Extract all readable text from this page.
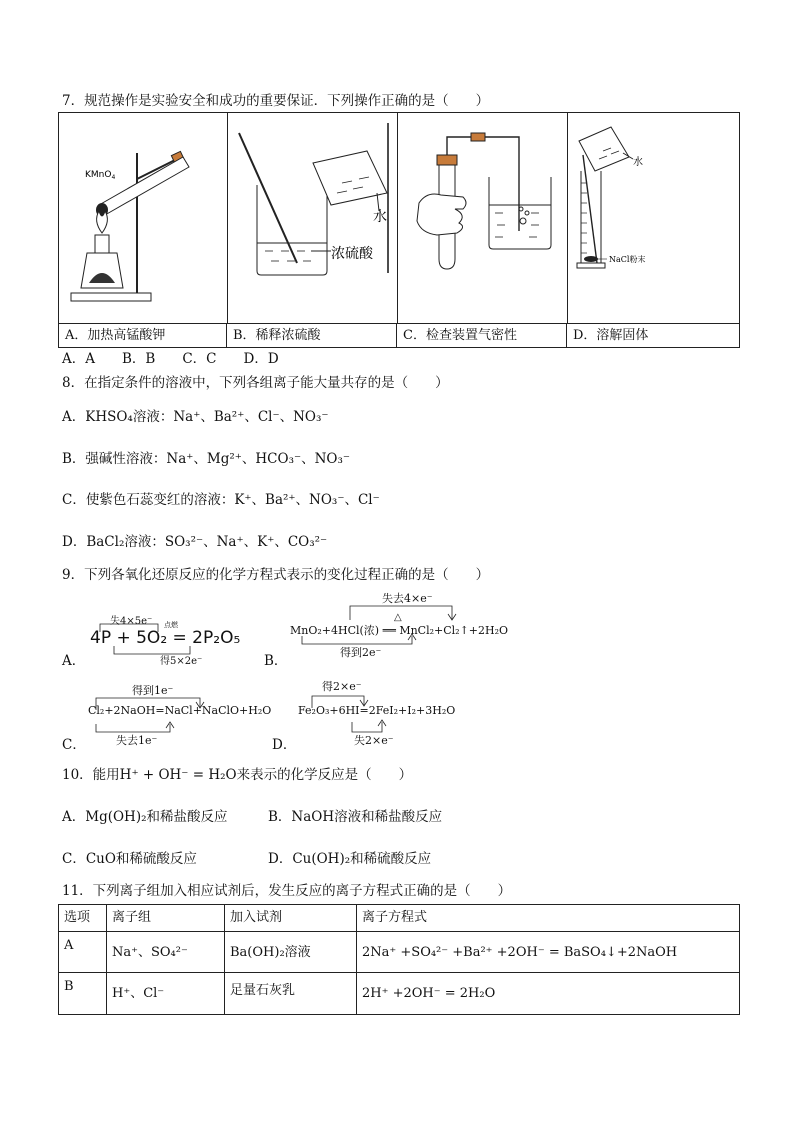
7．规范操作是实验安全和成功的重要保证．下列操作正确的是（　　）
KMnO$_4$
水
浓硫酸
水
NaCl粉末
A．加热高锰酸钾	B．稀释浓硫酸	C．检查装置气密性	D．溶解固体
A．A　　B．B　　C．C　　D．D
8．在指定条件的溶液中，下列各组离子能大量共存的是（　　）
A．KHSO₄溶液：Na⁺、Ba²⁺、Cl⁻、NO₃⁻
B．强碱性溶液：Na⁺、Mg²⁺、HCO₃⁻、NO₃⁻
C．使紫色石蕊变红的溶液：K⁺、Ba²⁺、NO₃⁻、Cl⁻
D．BaCl₂溶液：SO₃²⁻、Na⁺、K⁺、CO₃²⁻
9．下列各氧化还原反应的化学方程式表示的变化过程正确的是（　　）
A．
失4×5e⁻ 点燃
4P + 5O₂ = 2P₂O₅
得5×2e⁻	B．
失去4×e⁻
△
MnO₂+4HCl(浓) ══ MnCl₂+Cl₂↑+2H₂O
得到2e⁻
C．
得到1e⁻
Cl₂+2NaOH=NaCl+NaClO+H₂O
失去1e⁻	D．
得2×e⁻
Fe₂O₃+6HI=2FeI₂+I₂+3H₂O
失2×e⁻
10．能用H⁺ + OH⁻ = H₂O来表示的化学反应是（　　）
A．Mg(OH)₂和稀盐酸反应	B．NaOH溶液和稀盐酸反应
C．CuO和稀硫酸反应	D．Cu(OH)₂和稀硫酸反应
11．下列离子组加入相应试剂后，发生反应的离子方程式正确的是（　　）
选项	离子组	加入试剂	离子方程式
A	Na⁺、SO₄²⁻	Ba(OH)₂溶液	2Na⁺ +SO₄²⁻ +Ba²⁺ +2OH⁻ = BaSO₄↓+2NaOH
B	H⁺、Cl⁻	足量石灰乳	2H⁺ +2OH⁻ = 2H₂O
